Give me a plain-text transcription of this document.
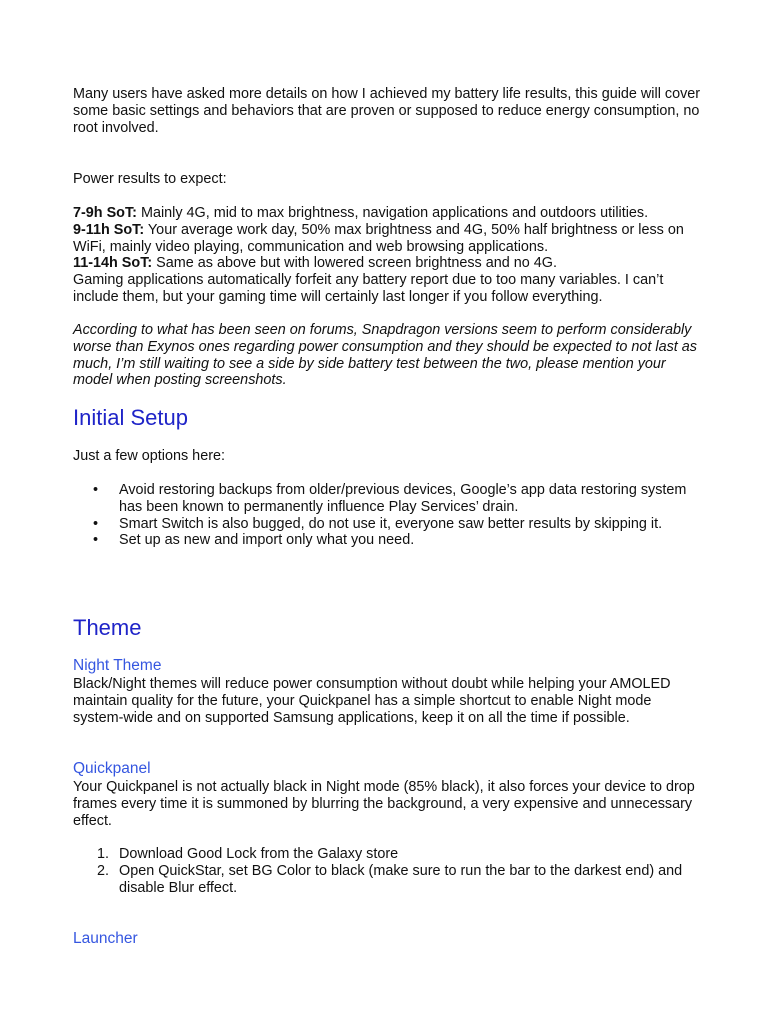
Many users have asked more details on how I achieved my battery life results, this guide will cover some basic settings and behaviors that are proven or supposed to reduce energy consumption, no root involved.

Power results to expect:

7-9h SoT: Mainly 4G, mid to max brightness, navigation applications and outdoors utilities.
9-11h SoT: Your average work day, 50% max brightness and 4G, 50% half brightness or less on WiFi, mainly video playing, communication and web browsing applications.
11-14h SoT: Same as above but with lowered screen brightness and no 4G.
Gaming applications automatically forfeit any battery report due to too many variables. I can’t include them, but your gaming time will certainly last longer if you follow everything.

According to what has been seen on forums, Snapdragon versions seem to perform considerably worse than Exynos ones regarding power consumption and they should be expected to not last as much, I’m still waiting to see a side by side battery test between the two, please mention your model when posting screenshots.

Initial Setup

Just a few options here:

• Avoid restoring backups from older/previous devices, Google’s app data restoring system has been known to permanently influence Play Services’ drain.
• Smart Switch is also bugged, do not use it, everyone saw better results by skipping it.
• Set up as new and import only what you need.
Theme
Night Theme

Black/Night themes will reduce power consumption without doubt while helping your AMOLED maintain quality for the future, your Quickpanel has a simple shortcut to enable Night mode system-wide and on supported Samsung applications, keep it on all the time if possible.

Quickpanel

Your Quickpanel is not actually black in Night mode (85% black), it also forces your device to drop frames every time it is summoned by blurring the background, a very expensive and unnecessary effect.

1. Download Good Lock from the Galaxy store
2. Open QuickStar, set BG Color to black (make sure to run the bar to the darkest end) and disable Blur effect.
Launcher
